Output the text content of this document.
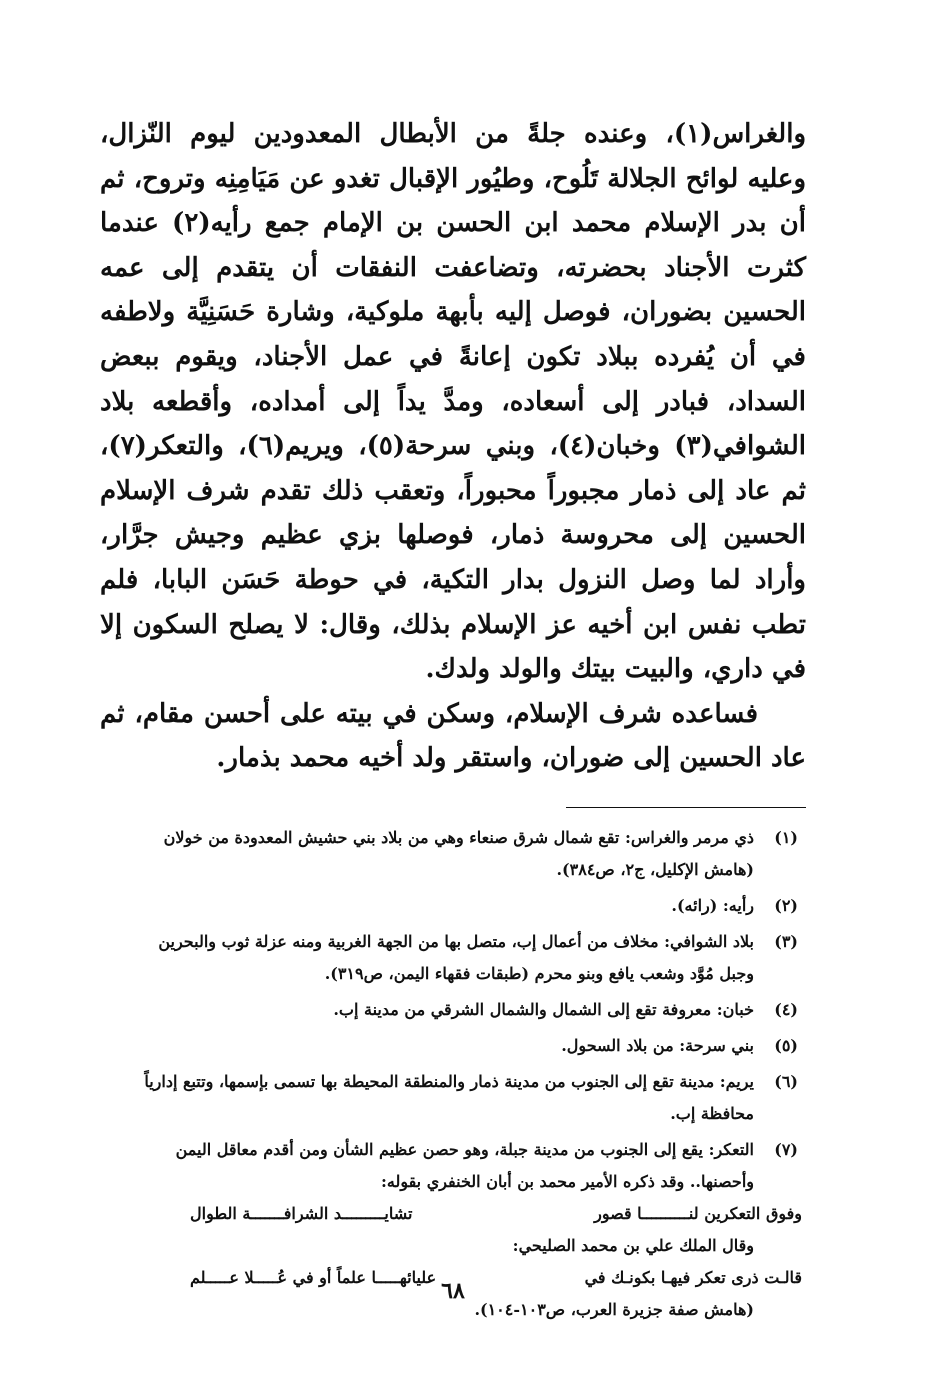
والغراس(١)، وعنده جلةً من الأبطال المعدودين ليوم النّزال، وعليه لوائح الجلالة تَلُوح، وطيُور الإقبال تغدو عن مَيَامِنِه وتروح، ثم أن بدر الإسلام محمد ابن الحسن بن الإمام جمع رأيه(٢) عندما كثرت الأجناد بحضرته، وتضاعفت النفقات أن يتقدم إلى عمه الحسين بضوران، فوصل إليه بأبهة ملوكية، وشارة حَسَنِيَّة ولاطفه في أن يُفرده ببلاد تكون إعانةً في عمل الأجناد، ويقوم ببعض السداد، فبادر إلى أسعاده، ومدَّ يداً إلى أمداده، وأقطعه بلاد الشوافي(٣) وخبان(٤)، وبني سرحة(٥)، ويريم(٦)، والتعكر(٧)، ثم عاد إلى ذمار مجبوراً محبوراً، وتعقب ذلك تقدم شرف الإسلام الحسين إلى محروسة ذمار، فوصلها بزي عظيم وجيش جرَّار، وأراد لما وصل النزول بدار التكية، في حوطة حَسَن البابا، فلم تطب نفس ابن أخيه عز الإسلام بذلك، وقال: لا يصلح السكون إلا في داري، والبيت بيتك والولد ولدك.

فساعده شرف الإسلام، وسكن في بيته على أحسن مقام، ثم عاد الحسين إلى ضوران، واستقر ولد أخيه محمد بذمار.

(١)
ذي مرمر والغراس: تقع شمال شرق صنعاء وهي من بلاد بني حشيش المعدودة من خولان
(هامش الإكليل، ج٢، ص٣٨٤).
(٢)
رأيه: (رائه).
(٣)
بلاد الشوافي: مخلاف من أعمال إب، متصل بها من الجهة الغربية ومنه عزلة ثوب والبحرين
وجبل مُوَّد وشعب يافع وبنو محرم (طبقات فقهاء اليمن، ص٣١٩).
(٤)
خبان: معروفة تقع إلى الشمال والشمال الشرقي من مدينة إب.
(٥)
بني سرحة: من بلاد السحول.
(٦)
يريم: مدينة تقع إلى الجنوب من مدينة ذمار والمنطقة المحيطة بها تسمى بإسمها، وتتبع إدارياً
محافظة إب.
(٧)
التعكر: يقع إلى الجنوب من مدينة جبلة، وهو حصن عظيم الشأن ومن أقدم معاقل اليمن
وأحصنها.. وقد ذكره الأمير محمد بن أبان الخنفري بقوله:
وفوق التعكرين لنــــــــــا قصور
تشايـــــــــد الشرافـــــــة الطوال
وقال الملك علي بن محمد الصليحي:
قالـت ذرى تعكر فيهـا بكونـك في
عليائهـــــا علماً أو في عُـــــلا عـــــلم
(هامش صفة جزيرة العرب، ص١٠٣-١٠٤).
٦٨
